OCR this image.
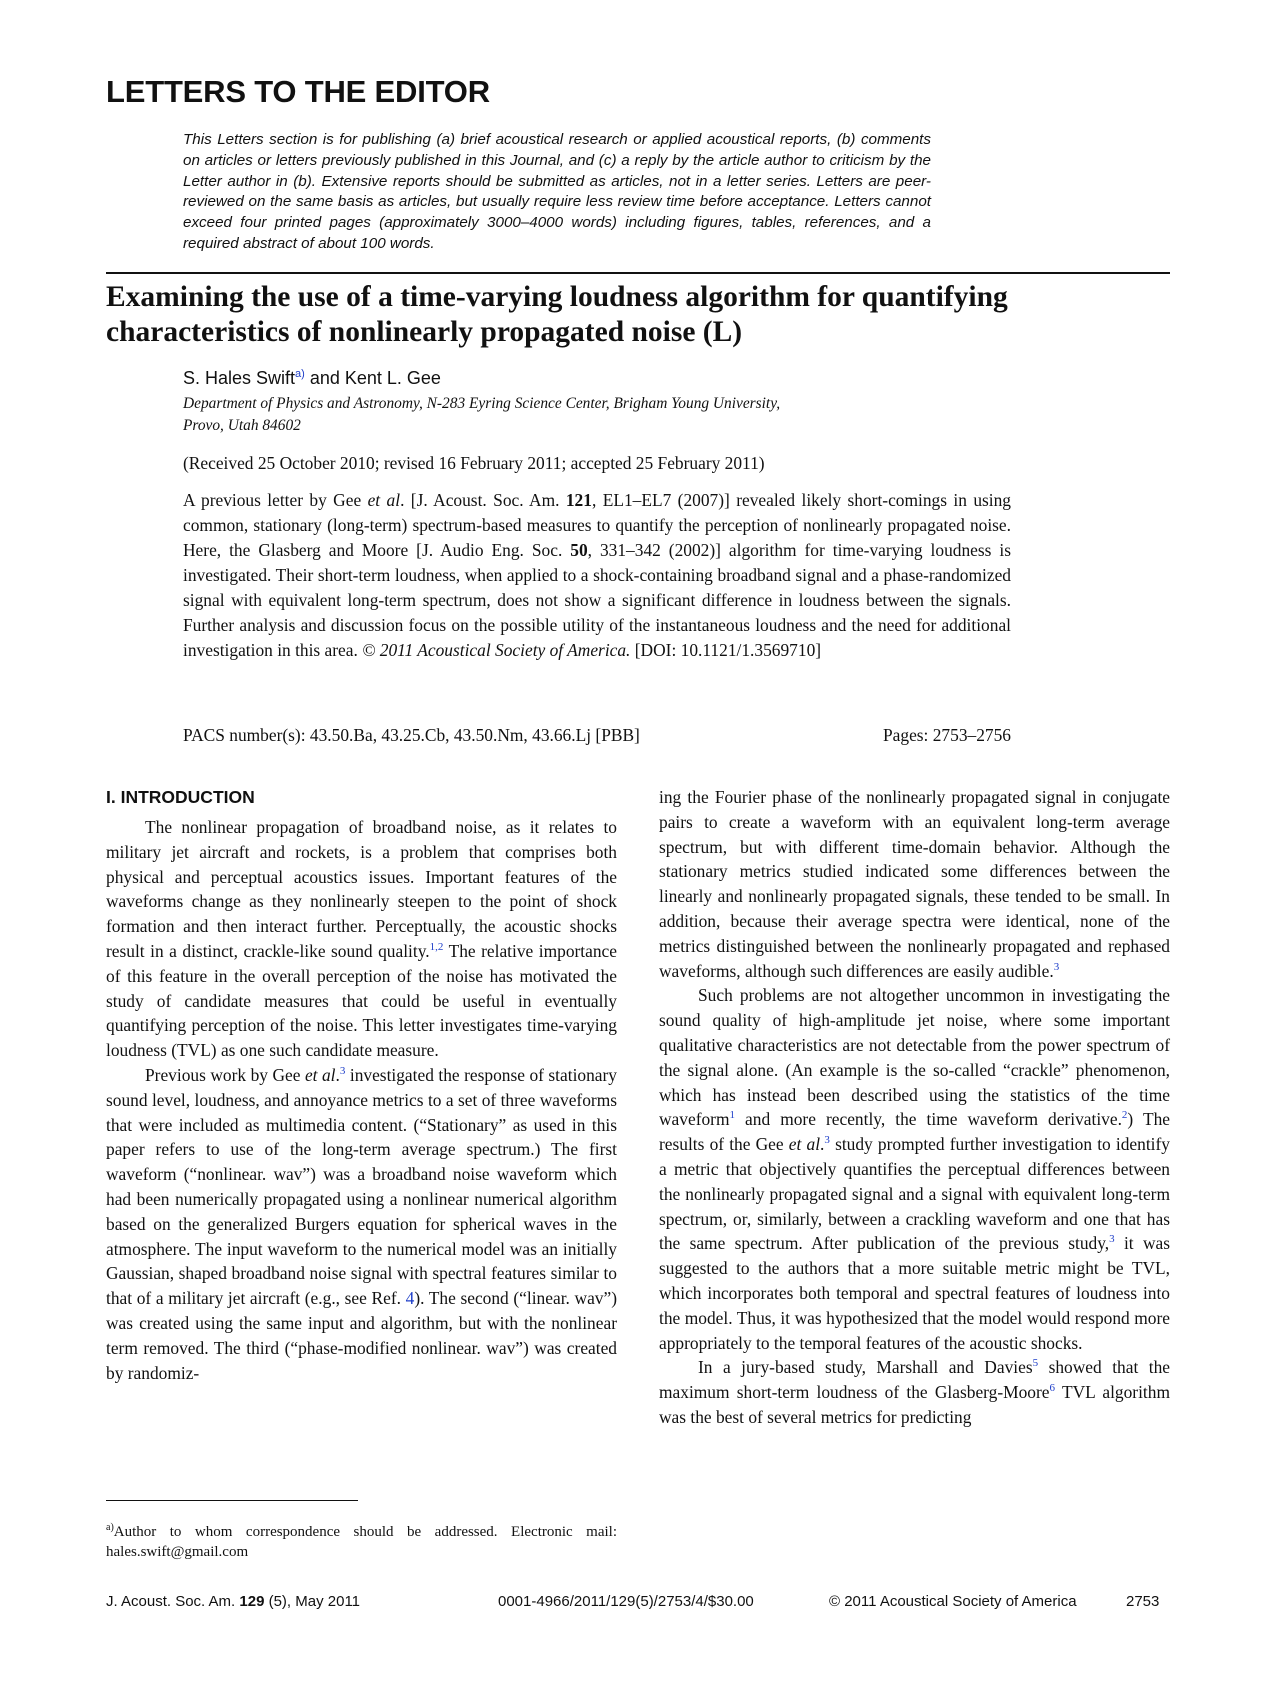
LETTERS TO THE EDITOR
This Letters section is for publishing (a) brief acoustical research or applied acoustical reports, (b) comments on articles or letters previously published in this Journal, and (c) a reply by the article author to criticism by the Letter author in (b). Extensive reports should be submitted as articles, not in a letter series. Letters are peer-reviewed on the same basis as articles, but usually require less review time before acceptance. Letters cannot exceed four printed pages (approximately 3000–4000 words) including figures, tables, references, and a required abstract of about 100 words.
Examining the use of a time-varying loudness algorithm for quantifying characteristics of nonlinearly propagated noise (L)
S. Hales Swift$^{a)}$ and Kent L. Gee
Department of Physics and Astronomy, N-283 Eyring Science Center, Brigham Young University,
Provo, Utah 84602
(Received 25 October 2010; revised 16 February 2011; accepted 25 February 2011)
A previous letter by Gee et al. [J. Acoust. Soc. Am. 121, EL1–EL7 (2007)] revealed likely short-comings in using common, stationary (long-term) spectrum-based measures to quantify the perception of nonlinearly propagated noise. Here, the Glasberg and Moore [J. Audio Eng. Soc. 50, 331–342 (2002)] algorithm for time-varying loudness is investigated. Their short-term loudness, when applied to a shock-containing broadband signal and a phase-randomized signal with equivalent long-term spectrum, does not show a significant difference in loudness between the signals. Further analysis and discussion focus on the possible utility of the instantaneous loudness and the need for additional investigation in this area. © 2011 Acoustical Society of America. [DOI: 10.1121/1.3569710]
PACS number(s): 43.50.Ba, 43.25.Cb, 43.50.Nm, 43.66.Lj [PBB]	Pages: 2753–2756
I. INTRODUCTION

The nonlinear propagation of broadband noise, as it relates to military jet aircraft and rockets, is a problem that comprises both physical and perceptual acoustics issues. Important features of the waveforms change as they nonlinearly steepen to the point of shock formation and then interact further. Perceptually, the acoustic shocks result in a distinct, crackle-like sound quality.$^{1,2}$ The relative importance of this feature in the overall perception of the noise has motivated the study of candidate measures that could be useful in eventually quantifying perception of the noise. This letter investigates time-varying loudness (TVL) as one such candidate measure.

Previous work by Gee et al.$^3$ investigated the response of stationary sound level, loudness, and annoyance metrics to a set of three waveforms that were included as multimedia content. (“Stationary” as used in this paper refers to use of the long-term average spectrum.) The first waveform (“nonlinear. wav”) was a broadband noise waveform which had been numerically propagated using a nonlinear numerical algorithm based on the generalized Burgers equation for spherical waves in the atmosphere. The input waveform to the numerical model was an initially Gaussian, shaped broadband noise signal with spectral features similar to that of a military jet aircraft (e.g., see Ref. 4). The second (“linear. wav”) was created using the same input and algorithm, but with the nonlinear term removed. The third (“phase-modified nonlinear. wav”) was created by randomiz-

ing the Fourier phase of the nonlinearly propagated signal in conjugate pairs to create a waveform with an equivalent long-term average spectrum, but with different time-domain behavior. Although the stationary metrics studied indicated some differences between the linearly and nonlinearly propagated signals, these tended to be small. In addition, because their average spectra were identical, none of the metrics distinguished between the nonlinearly propagated and rephased waveforms, although such differences are easily audible.$^3$

Such problems are not altogether uncommon in investigating the sound quality of high-amplitude jet noise, where some important qualitative characteristics are not detectable from the power spectrum of the signal alone. (An example is the so-called “crackle” phenomenon, which has instead been described using the statistics of the time waveform$^1$ and more recently, the time waveform derivative.$^2$) The results of the Gee et al.$^3$ study prompted further investigation to identify a metric that objectively quantifies the perceptual differences between the nonlinearly propagated signal and a signal with equivalent long-term spectrum, or, similarly, between a crackling waveform and one that has the same spectrum. After publication of the previous study,$^3$ it was suggested to the authors that a more suitable metric might be TVL, which incorporates both temporal and spectral features of loudness into the model. Thus, it was hypothesized that the model would respond more appropriately to the temporal features of the acoustic shocks.

In a jury-based study, Marshall and Davies$^5$ showed that the maximum short-term loudness of the Glasberg-Moore$^6$ TVL algorithm was the best of several metrics for predicting

$^{a)}$Author to whom correspondence should be addressed. Electronic mail: hales.swift@gmail.com
J. Acoust. Soc. Am. 129 (5), May 2011	0001-4966/2011/129(5)/2753/4/$30.00	© 2011 Acoustical Society of America	2753
